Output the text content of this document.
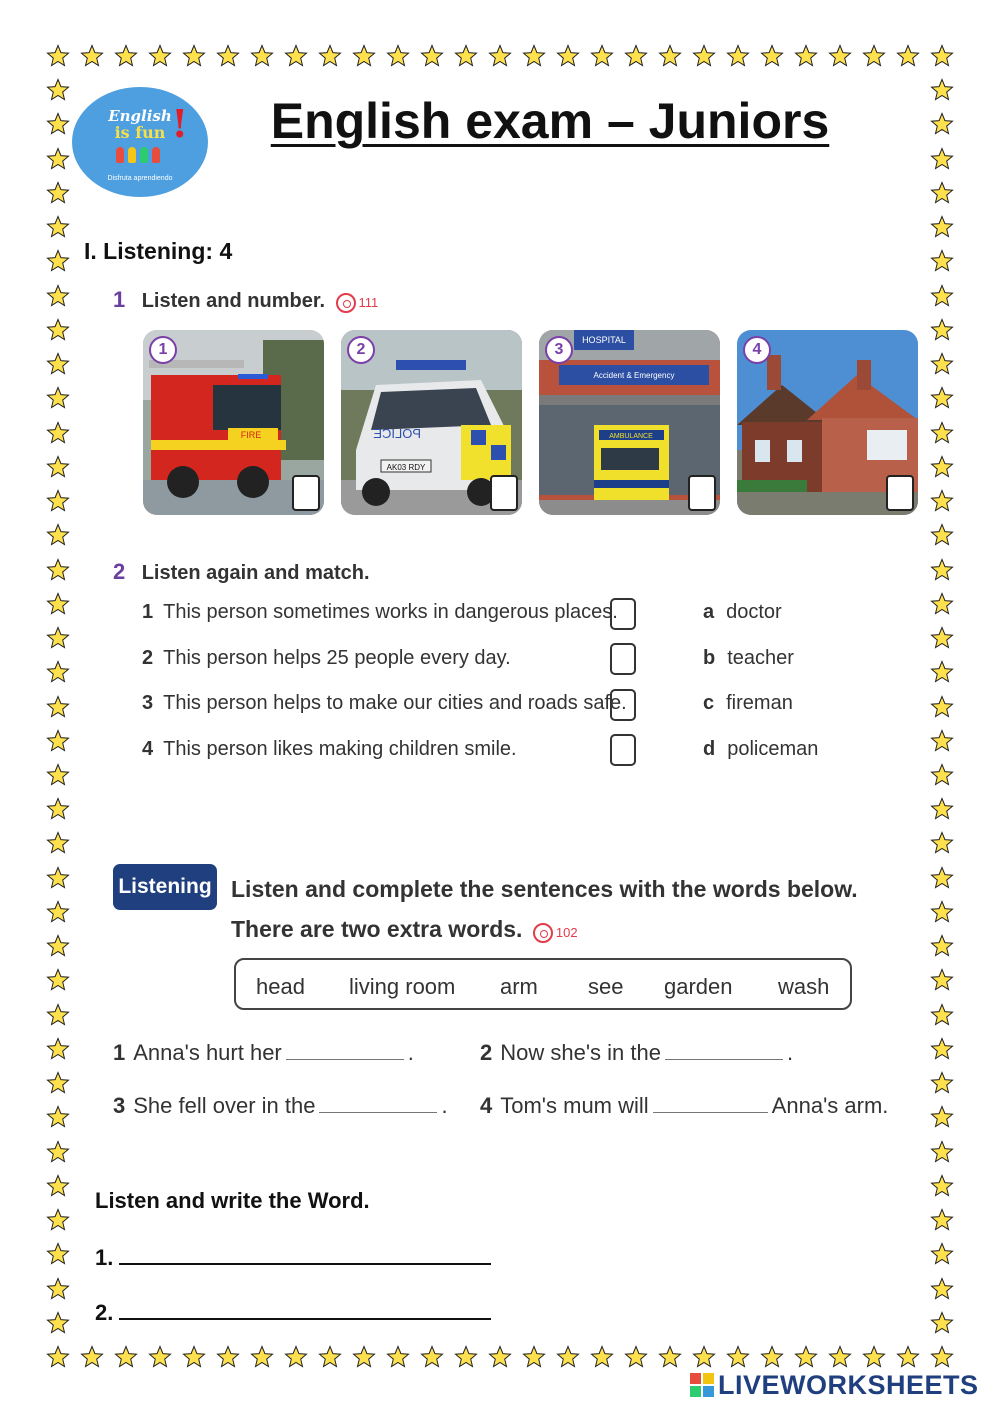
English
is fun !
Disfruta aprendiendo
English exam – Juniors
I. Listening: 4
1 Listen and number.	111
FIRE
1
POLICE
AK03 RDY
2
HOSPITAL
Accident & Emergency
AMBULANCE
3	4
2 Listen again and match.
1 This person sometimes works in dangerous places.
2 This person helps 25 people every day.
3 This person helps to make our cities and roads safe.
4 This person likes making children smile.
a doctor
b teacher
c fireman
d policeman
Listening Listen and complete the sentences with the words below.
There are two extra words.	102
head living room arm see garden wash
1 Anna's hurt her	.	2 Now she's in the	.
3 She fell over in the	. 4 Tom's mum will	Anna's arm.
Listen and write the Word.
1.
2.
LIVEWORKSHEETS
